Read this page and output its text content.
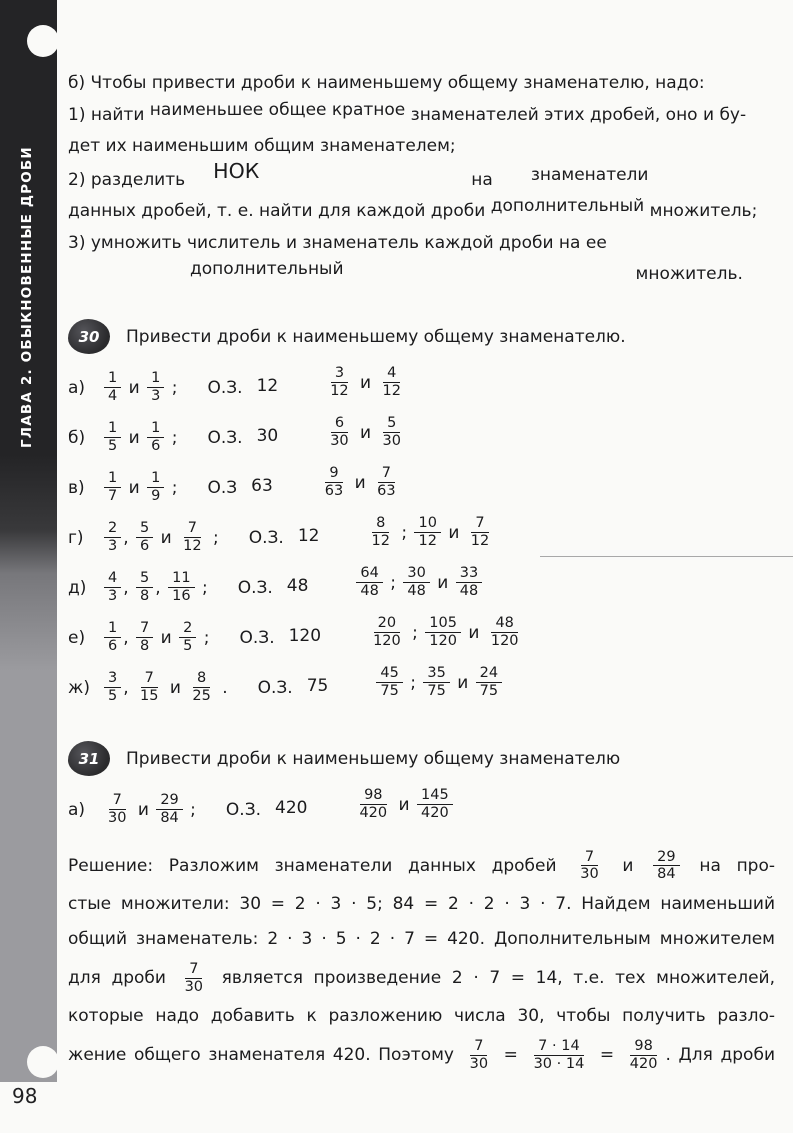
ГЛАВА 2. ОБЫКНОВЕННЫЕ ДРОБИ
98
б) Чтобы привести дроби к наименьшему общему знаменателю, надо:
1) найти наименьшее общее кратное знаменателей этих дробей, оно и бу-
дет их наименьшим общим знаменателем;
2) разделить НОК	на знаменатели
данных дробей, т. е. найти для каждой дроби дополнительный множитель;
3) умножить числитель и знаменатель каждой дроби на ее
дополнительный	множитель.
30	Привести дроби к наименьшему общему знаменателю.
а)	$\frac{1}{4}$ и $\frac{1}{3}$ ; О.З. 12	$\frac{3}{12}$ и $\frac{4}{12}$
б)	$\frac{1}{5}$ и $\frac{1}{6}$ ; О.З. 30	$\frac{6}{30}$ и $\frac{5}{30}$
в)	$\frac{1}{7}$ и $\frac{1}{9}$ ; О.З 63	$\frac{9}{63}$ и $\frac{7}{63}$
г)	$\frac{2}{3}$ , $\frac{5}{6}$ и $\frac{7}{12}$ ; О.З. 12	$\frac{8}{12}$ ; $\frac{10}{12}$ и $\frac{7}{12}$
д)	$\frac{4}{3}$ , $\frac{5}{8}$ , $\frac{11}{16}$ ; О.З. 48	$\frac{64}{48}$ ; $\frac{30}{48}$ и $\frac{33}{48}$
е)	$\frac{1}{6}$ , $\frac{7}{8}$ и $\frac{2}{5}$ ; О.З. 120	$\frac{20}{120}$ ; $\frac{105}{120}$ и $\frac{48}{120}$
$ж) \frac{3}{5}$ , $\frac{7}{15}$ и $\frac{8}{25}$ . О.З. 75	$\frac{45}{75}$ ; $\frac{35}{75}$ и $\frac{24}{75}$
31	Привести дроби к наименьшему общему знаменателю
а)	$\frac{7}{30}$ и $\frac{29}{84}$ ; О.З. 420	$\frac{98}{420}$ и $\frac{145}{420}$
Решение: Разложим знаменатели данных дробей $\frac{7}{30}$ и $\frac{29}{84}$ на про-
стые множители: 30 = 2 · 3 · 5; 84 = 2 · 2 · 3 · 7. Найдем наименьший
общий знаменатель: 2 · 3 · 5 · 2 · 7 = 420. Дополнительным множителем
для дроби $\frac{7}{30}$ является произведение 2 · 7 = 14, т.е. тех множителей,
которые надо добавить к разложению числа 30, чтобы получить разло-
жение общего знаменателя 420. Поэтому $\frac{7}{30} = \frac{7 \cdot 14}{30 \cdot 14} = \frac{98}{420}$ . Для дроби
